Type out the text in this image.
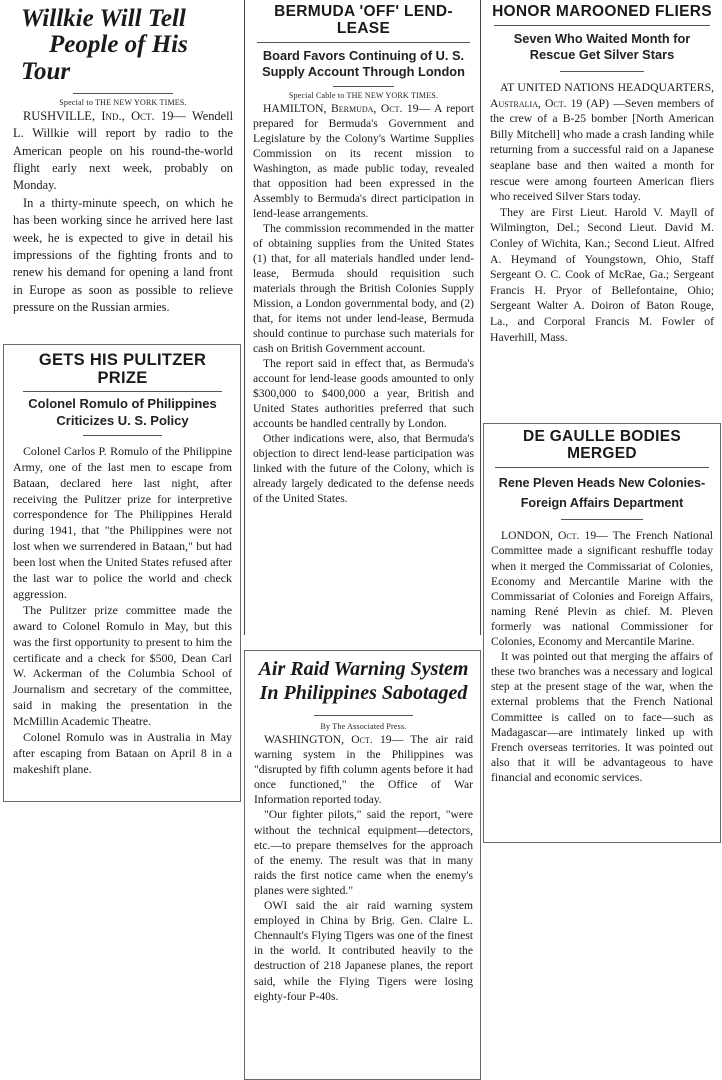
Willkie Will Tell
People of His Tour
Special to THE NEW YORK TIMES.

RUSHVILLE, Ind., Oct. 19— Wendell L. Willkie will report by radio to the American people on his round-the-world flight early next week, probably on Monday.

In a thirty-minute speech, on which he has been working since he arrived here last week, he is expected to give in detail his impressions of the fighting fronts and to renew his demand for opening a land front in Europe as soon as possible to relieve pressure on the Russian armies.

GETS HIS PULITZER PRIZE

Colonel Romulo of Philippines
Criticizes U. S. Policy

Colonel Carlos P. Romulo of the Philippine Army, one of the last men to escape from Bataan, declared here last night, after receiving the Pulitzer prize for interpretive correspondence for The Philippines Herald during 1941, that "the Philippines were not lost when we surrendered in Bataan," but had been lost when the United States refused after the last war to police the world and check aggression.

The Pulitzer prize committee made the award to Colonel Romulo in May, but this was the first opportunity to present to him the certificate and a check for $500, Dean Carl W. Ackerman of the Columbia School of Journalism and secretary of the committee, said in making the presentation in the McMillin Academic Theatre.

Colonel Romulo was in Australia in May after escaping from Bataan on April 8 in a makeshift plane.

BERMUDA 'OFF' LEND-LEASE

Board Favors Continuing of U. S.
Supply Account Through London

Special Cable to THE NEW YORK TIMES.

HAMILTON, Bermuda, Oct. 19— A report prepared for Bermuda's Government and Legislature by the Colony's Wartime Supplies Commission on its recent mission to Washington, as made public today, revealed that opposition had been expressed in the Assembly to Bermuda's direct participation in lend-lease arrangements.

The commission recommended in the matter of obtaining supplies from the United States (1) that, for all materials handled under lend-lease, Bermuda should requisition such materials through the British Colonies Supply Mission, a London governmental body, and (2) that, for items not under lend-lease, Bermuda should continue to purchase such materials for cash on British Government account.

The report said in effect that, as Bermuda's account for lend-lease goods amounted to only $300,000 to $400,000 a year, British and United States authorities preferred that such accounts be handled centrally by London.

Other indications were, also, that Bermuda's objection to direct lend-lease participation was linked with the future of the Colony, which is already largely dedicated to the defense needs of the United States.

Air Raid Warning System
In Philippines Sabotaged
By The Associated Press.

WASHINGTON, Oct. 19— The air raid warning system in the Philippines was "disrupted by fifth column agents before it had once functioned," the Office of War Information reported today.

"Our fighter pilots," said the report, "were without the technical equipment—detectors, etc.—to prepare themselves for the approach of the enemy. The result was that in many raids the first notice came when the enemy's planes were sighted."

OWI said the air raid warning system employed in China by Brig. Gen. Claire L. Chennault's Flying Tigers was one of the finest in the world. It contributed heavily to the destruction of 218 Japanese planes, the report said, while the Flying Tigers were losing eighty-four P-40s.

HONOR MAROONED FLIERS

Seven Who Waited Month for
Rescue Get Silver Stars

AT UNITED NATIONS HEADQUARTERS, Australia, Oct. 19 (AP) —Seven members of the crew of a B-25 bomber [North American Billy Mitchell] who made a crash landing while returning from a successful raid on a Japanese seaplane base and then waited a month for rescue were among fourteen American fliers who received Silver Stars today.

They are First Lieut. Harold V. Mayll of Wilmington, Del.; Second Lieut. David M. Conley of Wichita, Kan.; Second Lieut. Alfred A. Heymand of Youngstown, Ohio, Staff Sergeant O. C. Cook of McRae, Ga.; Sergeant Francis H. Pryor of Bellefontaine, Ohio; Sergeant Walter A. Doiron of Baton Rouge, La., and Corporal Francis M. Fowler of Haverhill, Mass.

DE GAULLE BODIES MERGED

Rene Pleven Heads New Colonies-
Foreign Affairs Department

LONDON, Oct. 19— The French National Committee made a significant reshuffle today when it merged the Commissariat of Colonies, Economy and Mercantile Marine with the Commissariat of Colonies and Foreign Affairs, naming René Plevin as chief. M. Pleven formerly was national Commissioner for Colonies, Economy and Mercantile Marine.

It was pointed out that merging the affairs of these two branches was a necessary and logical step at the present stage of the war, when the external problems that the French National Committee is called on to face—such as Madagascar—are intimately linked up with French overseas territories. It was pointed out also that it will be advantageous to have financial and economic services.
